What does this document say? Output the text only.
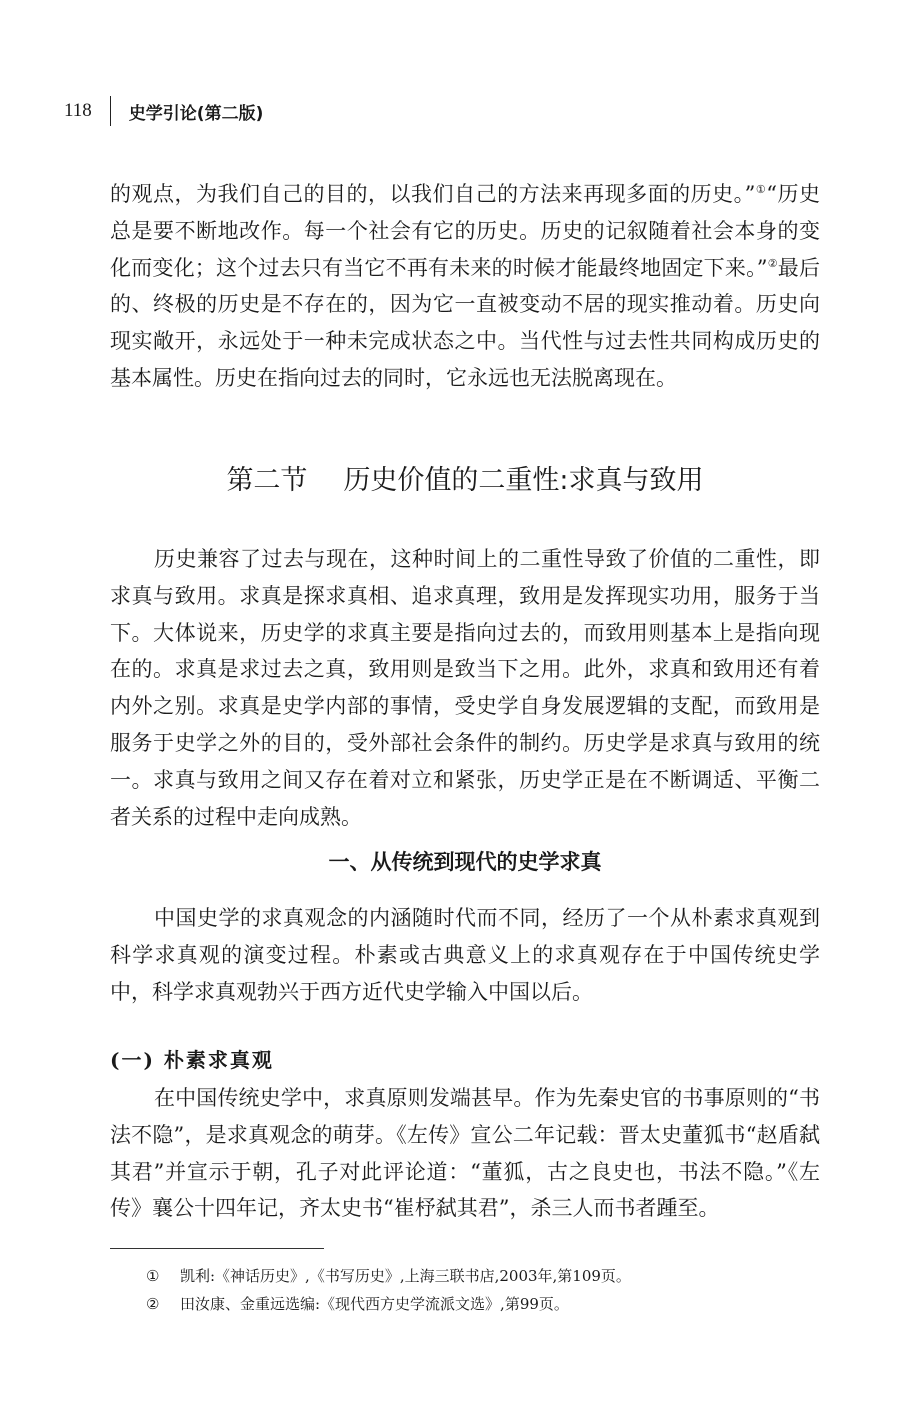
118 史学引论(第二版)

的观点，为我们自己的目的，以我们自己的方法来再现多面的历史。”①“历史总是要不断地改作。每一个社会有它的历史。历史的记叙随着社会本身的变化而变化；这个过去只有当它不再有未来的时候才能最终地固定下来。”②最后的、终极的历史是不存在的，因为它一直被变动不居的现实推动着。历史向现实敞开，永远处于一种未完成状态之中。当代性与过去性共同构成历史的基本属性。历史在指向过去的同时，它永远也无法脱离现在。

第二节 历史价值的二重性:求真与致用

历史兼容了过去与现在，这种时间上的二重性导致了价值的二重性，即求真与致用。求真是探求真相、追求真理，致用是发挥现实功用，服务于当下。大体说来，历史学的求真主要是指向过去的，而致用则基本上是指向现在的。求真是求过去之真，致用则是致当下之用。此外，求真和致用还有着内外之别。求真是史学内部的事情，受史学自身发展逻辑的支配，而致用是服务于史学之外的目的，受外部社会条件的制约。历史学是求真与致用的统一。求真与致用之间又存在着对立和紧张，历史学正是在不断调适、平衡二者关系的过程中走向成熟。

一、从传统到现代的史学求真

中国史学的求真观念的内涵随时代而不同，经历了一个从朴素求真观到科学求真观的演变过程。朴素或古典意义上的求真观存在于中国传统史学中，科学求真观勃兴于西方近代史学输入中国以后。

(一) 朴素求真观

在中国传统史学中，求真原则发端甚早。作为先秦史官的书事原则的“书法不隐”，是求真观念的萌芽。《左传》宣公二年记载：晋太史董狐书“赵盾弑其君”并宣示于朝，孔子对此评论道：“董狐，古之良史也，书法不隐。”《左传》襄公十四年记，齐太史书“崔杼弑其君”，杀三人而书者踵至。

① 凯利:《神话历史》,《书写历史》,上海三联书店,2003年,第109页。
② 田汝康、金重远选编:《现代西方史学流派文选》,第99页。
